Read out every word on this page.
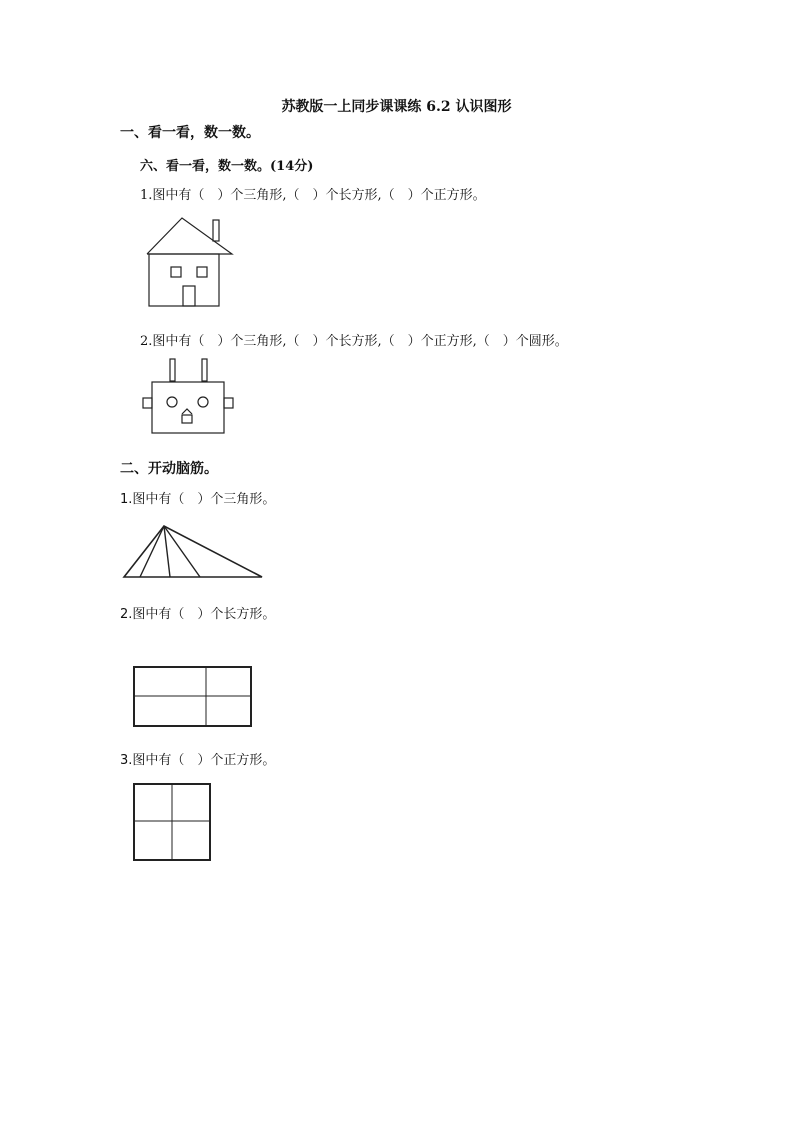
苏教版一上同步课课练 6.2 认识图形
一、看一看，数一数。
六、看一看，数一数。(14分)
1.图中有（　）个三角形,（　）个长方形,（　）个正方形。
2.图中有（　）个三角形,（　）个长方形,（　）个正方形,（　）个圆形。
二、开动脑筋。
1.图中有（　）个三角形。
2.图中有（　）个长方形。
3.图中有（　）个正方形。
